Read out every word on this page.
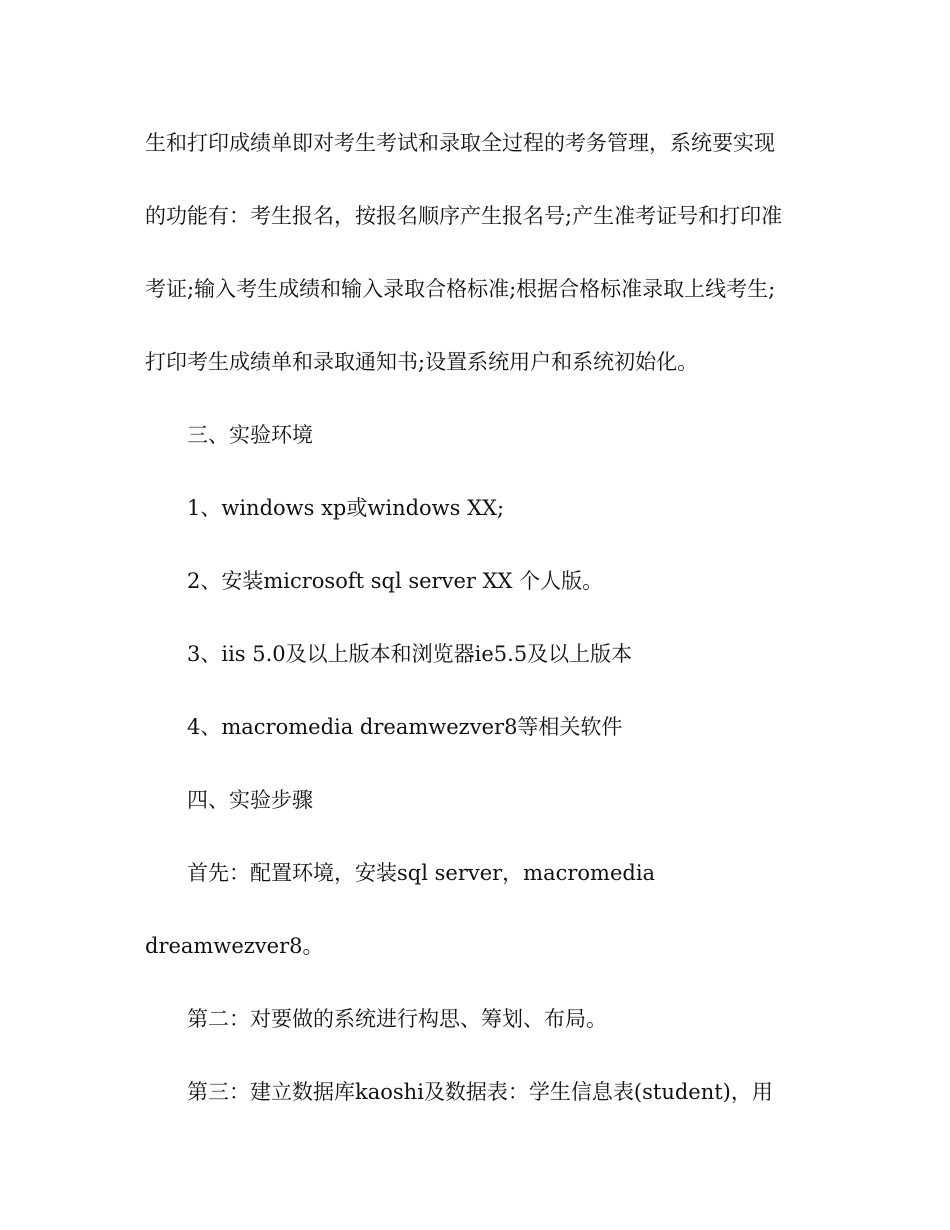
生和打印成绩单即对考生考试和录取全过程的考务管理，系统要实现
的功能有：考生报名，按报名顺序产生报名号;产生准考证号和打印准
考证;输入考生成绩和输入录取合格标准;根据合格标准录取上线考生;
打印考生成绩单和录取通知书;设置系统用户和系统初始化。
三、实验环境
1、windows xp或windows XX;
2、安装microsoft sql server XX 个人版。
3、iis 5.0及以上版本和浏览器ie5.5及以上版本
4、macromedia dreamwezver8等相关软件
四、实验步骤
首先：配置环境，安装sql server，macromedia
dreamwezver8。
第二：对要做的系统进行构思、筹划、布局。
第三：建立数据库kaoshi及数据表：学生信息表(student)，用
